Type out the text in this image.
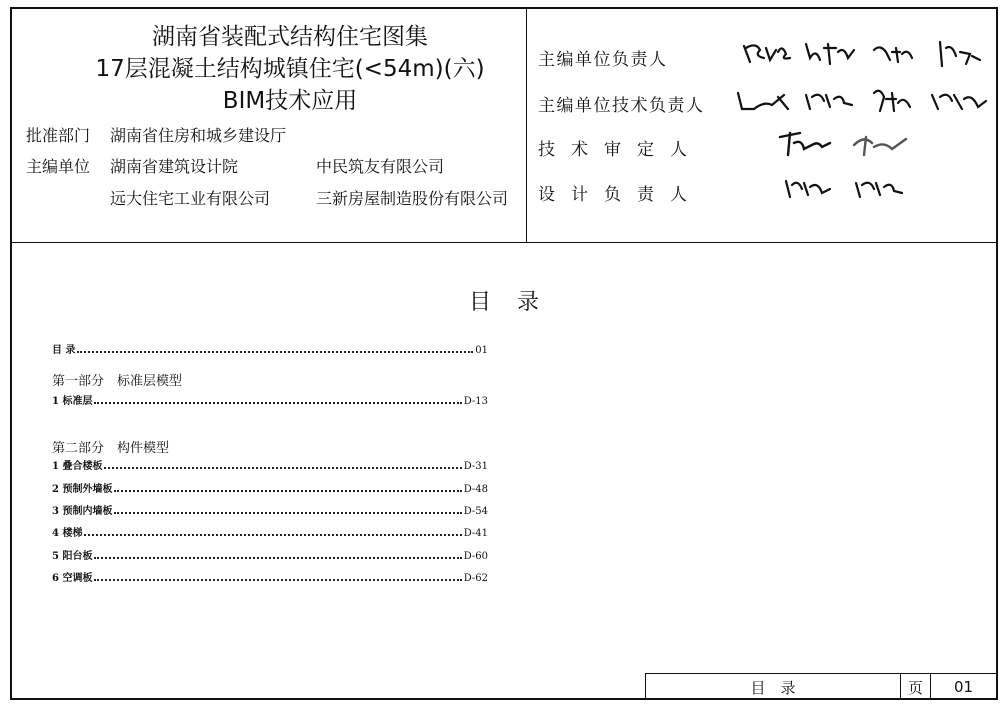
湖南省装配式结构住宅图集
17层混凝土结构城镇住宅(<54m)(六)
BIM技术应用
批准部门 湖南省住房和城乡建设厅
主编单位 湖南省建筑设计院	中民筑友有限公司
远大住宅工业有限公司	三新房屋制造股份有限公司
主编单位负责人
主编单位技术负责人
技术审定人
设计负责人
目录
目 录	01
第一部分　标准层模型
1 标准层	D-13
第二部分　构件模型
1 叠合楼板	D-31
2 预制外墙板	D-48
3 预制内墙板	D-54
4 楼梯	D-41
5 阳台板	D-60
6 空调板	D-62
目　录	页	01
